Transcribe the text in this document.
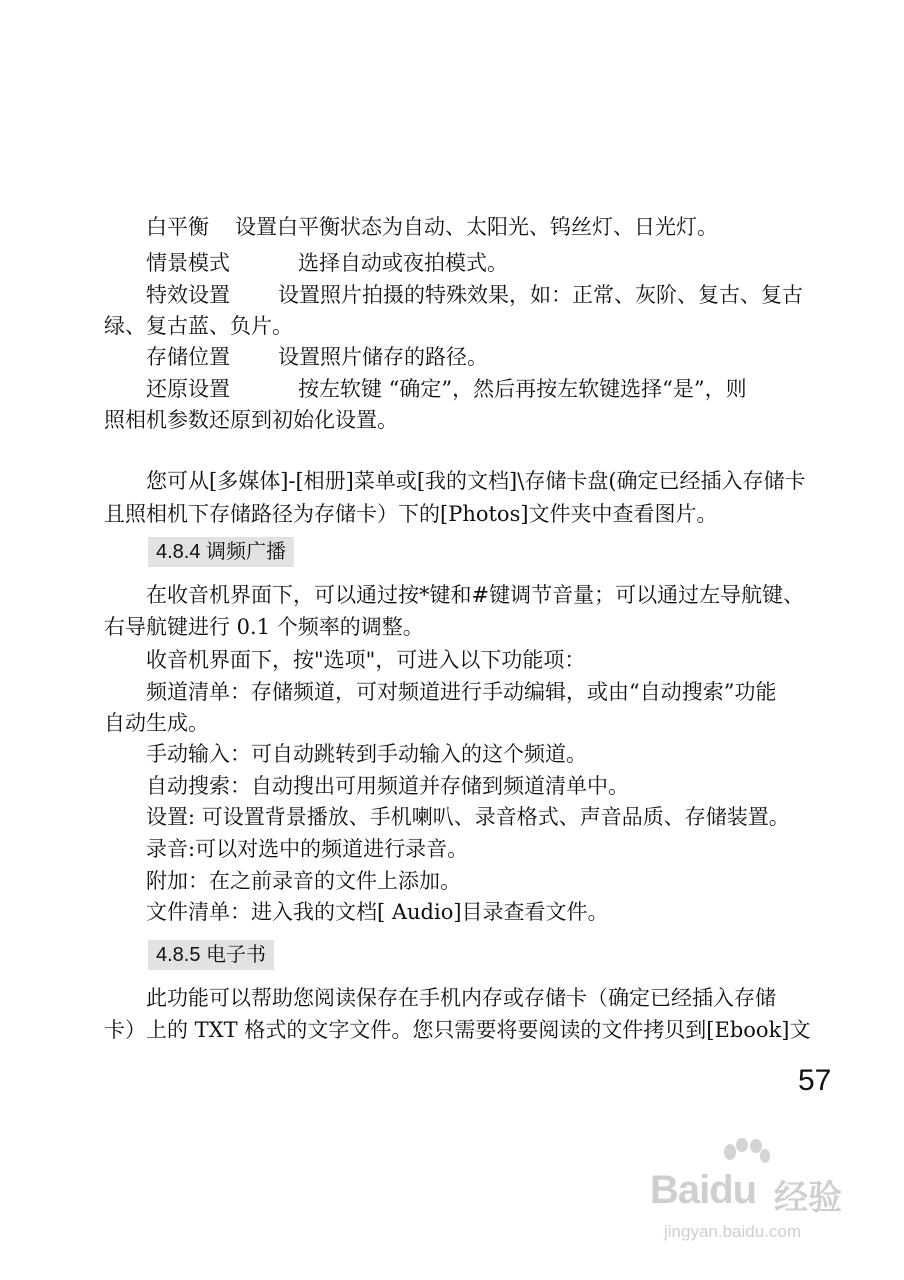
白平衡 设置白平衡状态为自动、太阳光、钨丝灯、日光灯。
情景模式	选择自动或夜拍模式。
特效设置 设置照片拍摄的特殊效果，如：正常、灰阶、复古、复古
绿、复古蓝、负片。
存储位置 设置照片储存的路径。
还原设置	按左软键 “确定”，然后再按左软键选择“是”，则
照相机参数还原到初始化设置。
您可从[多媒体]-[相册]菜单或[我的文档]\存储卡盘(确定已经插入存储卡
且照相机下存储路径为存储卡）下的[Photos]文件夹中查看图片。
4.8.4 调频广播
在收音机界面下，可以通过按*键和#键调节音量；可以通过左导航键、
右导航键进行 0.1 个频率的调整。
收音机界面下，按"选项"，可进入以下功能项：
频道清单：存储频道，可对频道进行手动编辑，或由“自动搜索”功能
自动生成。
手动输入：可自动跳转到手动输入的这个频道。
自动搜索：自动搜出可用频道并存储到频道清单中。
设置: 可设置背景播放、手机喇叭、录音格式、声音品质、存储装置。
录音:可以对选中的频道进行录音。
附加：在之前录音的文件上添加。
文件清单：进入我的文档[ Audio]目录查看文件。
4.8.5 电子书
此功能可以帮助您阅读保存在手机内存或存储卡（确定已经插入存储
卡）上的 TXT 格式的文字文件。您只需要将要阅读的文件拷贝到[Ebook]文
57
Baidu 经验
jingyan.baidu.com
